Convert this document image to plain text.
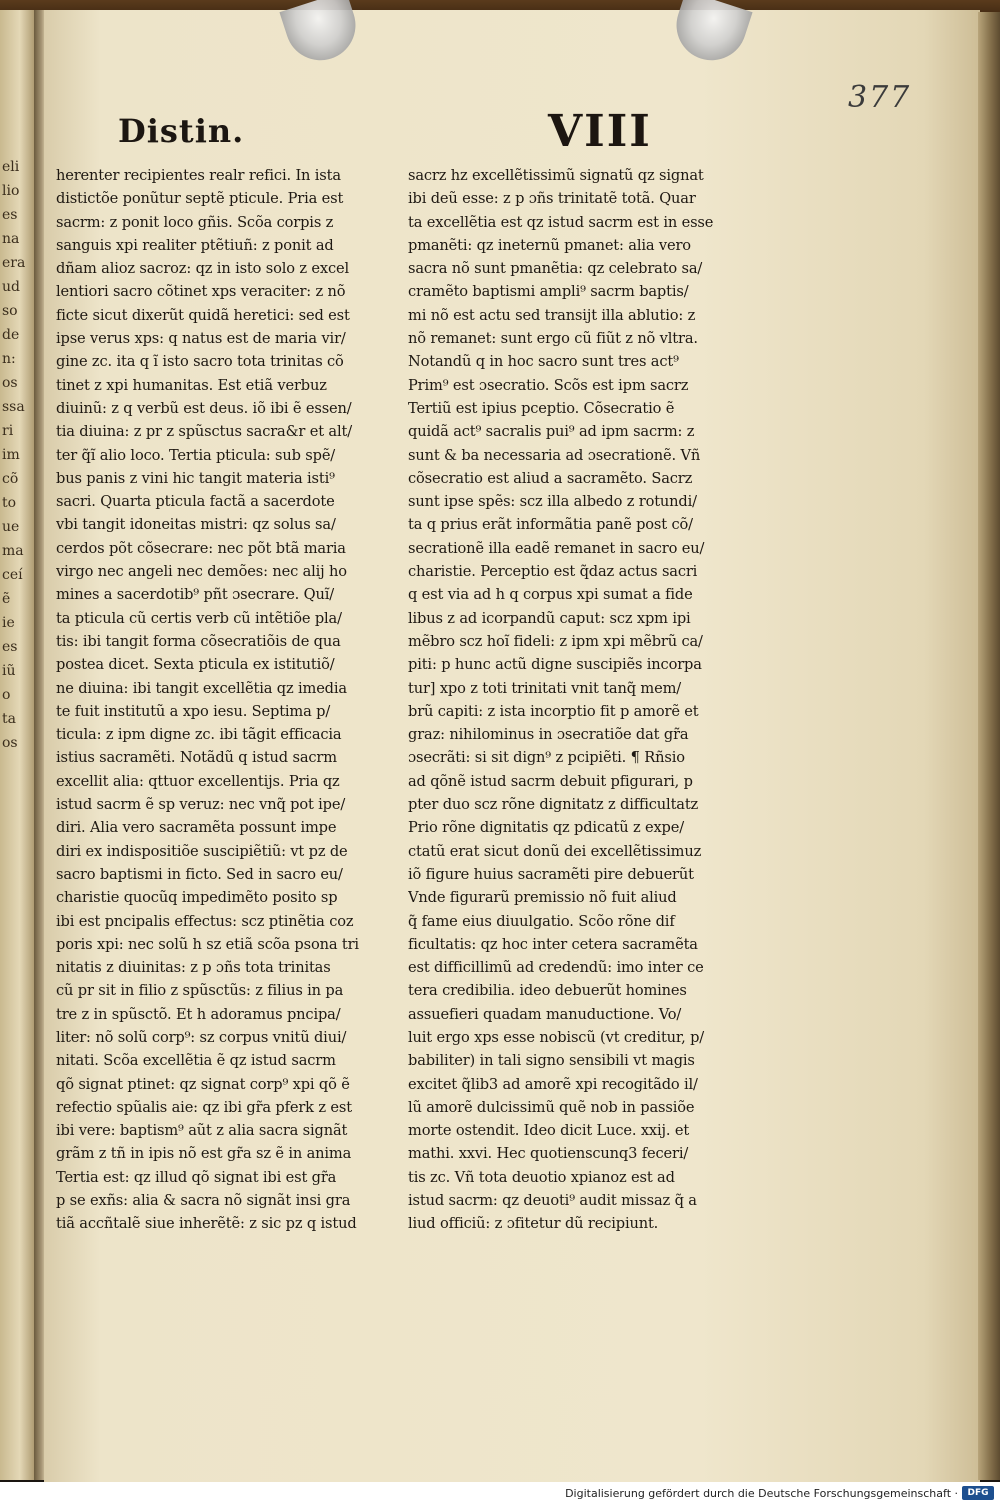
eli
lio
es
na
era
ud
so
de
n:
os
ssa
ri
im
cõ
to
ue
ma
ceí
ẽ
ie
es
iũ
o
ta
os
377
Distin.	VIII
herenter recipientes realr refici. In ista
distictõe ponũtur septẽ pticule. Pria est
sacrm: z ponit loco gñis. Scõa corpis z
sanguis xpi realiter ptẽtiuñ: z ponit ad
dñam alioz sacroz: qz in isto solo z excel
lentiori sacro cõtinet xps veraciter: z nõ
ficte sicut dixerũt quidã heretici: sed est
ipse verus xps: q natus est de maria vir/
gine zc. ita q ĩ isto sacro tota trinitas cõ
tinet z xpi humanitas. Est etiã verbuz
diuinũ: z q verbũ est deus. iõ ibi ẽ essen/
tia diuina: z pr z spũsctus sacra&r et alt/
ter q̃ĩ alio loco. Tertia pticula: sub spẽ/
bus panis z vini hic tangit materia isti⁹
sacri. Quarta pticula factã a sacerdote
vbi tangit idoneitas mistri: qz solus sa/
cerdos põt cõsecrare: nec põt btã maria
virgo nec angeli nec demões: nec alij ho
mines a sacerdotib⁹ pñt ɔsecrare. Quĩ/
ta pticula cũ certis verb cũ intẽtiõe pla/
tis: ibi tangit forma cõsecratiõis de qua
postea dicet. Sexta pticula ex istitutiõ/
ne diuina: ibi tangit excellẽtia qz imedia
te fuit institutũ a xpo iesu. Septima p/
ticula: z ipm digne zc. ibi tãgit efficacia
istius sacramẽti. Notãdũ q istud sacrm
excellit alia: qttuor excellentijs. Pria qz
istud sacrm ẽ sp veruz: nec vnq̃ pot ipe/
diri. Alia vero sacramẽta possunt impe
diri ex indispositiõe suscipiẽtiũ: vt pz de
sacro baptismi in ficto. Sed in sacro eu/
charistie quocũq impedimẽto posito sp
ibi est pncipalis effectus: scz ptinẽtia coz
poris xpi: nec solũ h sz etiã scõa psona tri
nitatis z diuinitas: z p ɔñs tota trinitas
cũ pr sit in filio z spũsctũs: z filius in pa
tre z in spũsctõ. Et h adoramus pncipa/
liter: nõ solũ corp⁹: sz corpus vnitũ diui/
nitati. Scõa excellẽtia ẽ qz istud sacrm
qõ signat ptinet: qz signat corp⁹ xpi qõ ẽ
refectio spũalis aie: qz ibi gr̃a pferk z est
ibi vere: baptism⁹ aũt z alia sacra signãt
grãm z tñ in ipis nõ est gr̃a sz ẽ in anima
Tertia est: qz illud qõ signat ibi est gr̃a
p se exñs: alia & sacra nõ signãt insi gra
tiã accñtalẽ siue inherẽtẽ: z sic pz q istud
sacrz hz excellẽtissimũ signatũ qz signat
ibi deũ esse: z p ɔñs trinitatẽ totã. Quar
ta excellẽtia est qz istud sacrm est in esse
pmanẽti: qz ineternũ pmanet: alia vero
sacra nõ sunt pmanẽtia: qz celebrato sa/
cramẽto baptismi ampli⁹ sacrm baptis/
mi nõ est actu sed transijt illa ablutio: z
nõ remanet: sunt ergo cũ fiũt z nõ vltra.
Notandũ q in hoc sacro sunt tres act⁹
Prim⁹ est ɔsecratio. Scõs est ipm sacrz
Tertiũ est ipius pceptio. Cõsecratio ẽ
quidã act⁹ sacralis pui⁹ ad ipm sacrm: z
sunt & ba necessaria ad ɔsecrationẽ. Vñ
cõsecratio est aliud a sacramẽto. Sacrz
sunt ipse spẽs: scz illa albedo z rotundi/
ta q prius erãt informãtia panẽ post cõ/
secrationẽ illa eadẽ remanet in sacro eu/
charistie. Perceptio est q̃daz actus sacri
q est via ad h q corpus xpi sumat a fide
libus z ad icorpandũ caput: scz xpm ipi
mẽbro scz hoĩ fideli: z ipm xpi mẽbrũ ca/
piti: p hunc actũ digne suscipiẽs incorpa
tur] xpo z toti trinitati vnit tanq̃ mem/
brũ capiti: z ista incorptio fit p amorẽ et
graz: nihilominus in ɔsecratiõe dat gr̃a
ɔsecrãti: si sit dign⁹ z pcipiẽti. ¶ Rñsio
ad qõnẽ istud sacrm debuit pfigurari, p
pter duo scz rõne dignitatz z difficultatz
Prio rõne dignitatis qz pdicatũ z expe/
ctatũ erat sicut donũ dei excellẽtissimuz
iõ figure huius sacramẽti pire debuerũt
Vnde figurarũ premissio nõ fuit aliud
q̃ fame eius diuulgatio. Scõo rõne dif
ficultatis: qz hoc inter cetera sacramẽta
est difficillimũ ad credendũ: imo inter ce
tera credibilia. ideo debuerũt homines
assuefieri quadam manuductione. Vo/
luit ergo xps esse nobiscũ (vt creditur, p/
babiliter) in tali signo sensibili vt magis
excitet q̃lib3 ad amorẽ xpi recogitãdo il/
lũ amorẽ dulcissimũ quẽ nob in passiõe
morte ostendit. Ideo dicit Luce. xxij. et
mathi. xxvi. Hec quotienscunq3 feceri/
tis zc. Vñ tota deuotio xpianoz est ad
istud sacrm: qz deuoti⁹ audit missaz q̃ a
liud officiũ: z ɔfitetur dũ recipiunt.
Digitalisierung gefördert durch die Deutsche Forschungsgemeinschaft ·	DFG
